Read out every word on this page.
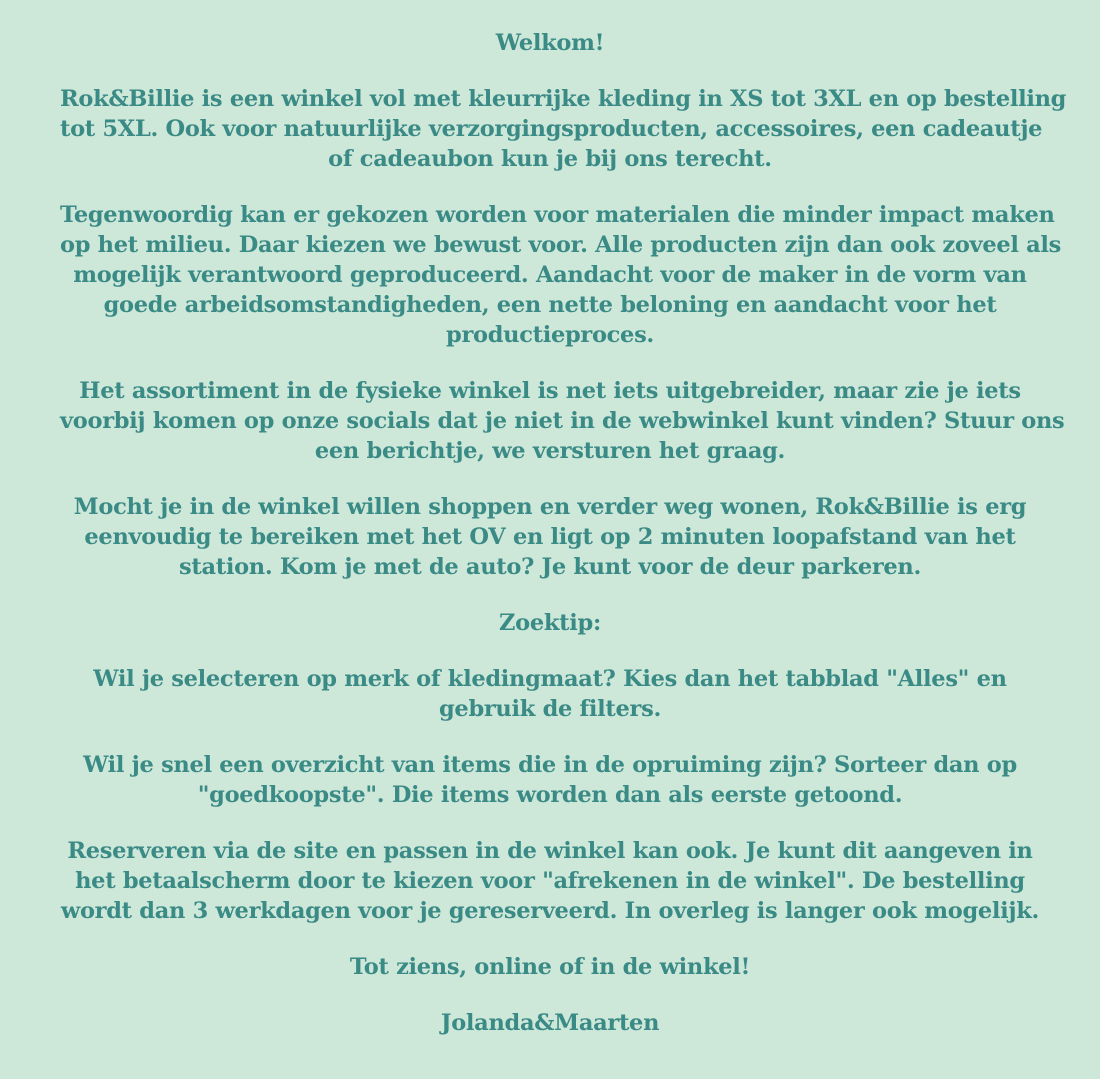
Welkom!

Rok&Billie is een winkel vol met kleurrijke kleding in XS tot 3XL en op bestelling
tot 5XL. Ook voor natuurlijke verzorgingsproducten, accessoires, een cadeautje
of cadeaubon kun je bij ons terecht.

Tegenwoordig kan er gekozen worden voor materialen die minder impact maken
op het milieu. Daar kiezen we bewust voor. Alle producten zijn dan ook zoveel als
mogelijk verantwoord geproduceerd. Aandacht voor de maker in de vorm van
goede arbeidsomstandigheden, een nette beloning en aandacht voor het
productieproces.

Het assortiment in de fysieke winkel is net iets uitgebreider, maar zie je iets
voorbij komen op onze socials dat je niet in de webwinkel kunt vinden? Stuur ons
een berichtje, we versturen het graag.

Mocht je in de winkel willen shoppen en verder weg wonen, Rok&Billie is erg
eenvoudig te bereiken met het OV en ligt op 2 minuten loopafstand van het
station. Kom je met de auto? Je kunt voor de deur parkeren.

Zoektip:

Wil je selecteren op merk of kledingmaat? Kies dan het tabblad "Alles" en
gebruik de filters.

Wil je snel een overzicht van items die in de opruiming zijn? Sorteer dan op
"goedkoopste". Die items worden dan als eerste getoond.

Reserveren via de site en passen in de winkel kan ook. Je kunt dit aangeven in
het betaalscherm door te kiezen voor "afrekenen in de winkel". De bestelling
wordt dan 3 werkdagen voor je gereserveerd. In overleg is langer ook mogelijk.

Tot ziens, online of in de winkel!

Jolanda&Maarten
